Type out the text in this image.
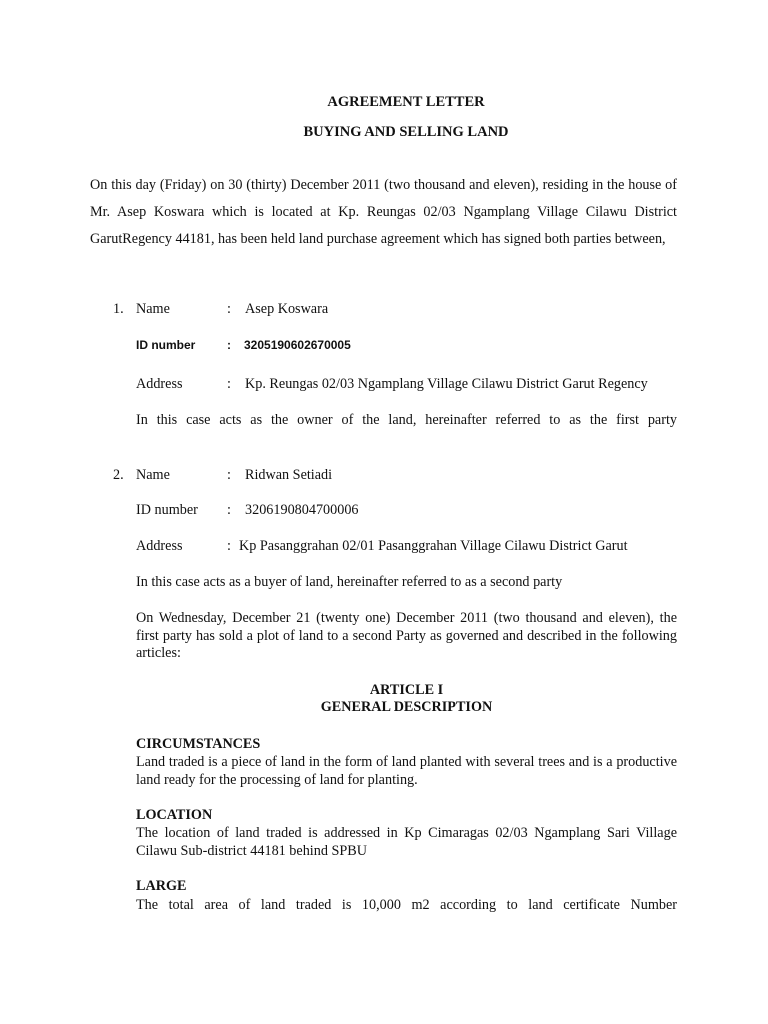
AGREEMENT LETTER
BUYING AND SELLING LAND
On this day (Friday) on 30 (thirty) December 2011 (two thousand and eleven), residing in the house of Mr. Asep Koswara which is located at Kp. Reungas 02/03 Ngamplang Village Cilawu District GarutRegency 44181, has been held land purchase agreement which has signed both parties between,
1. Name	: Asep Koswara
ID number	: 3205190602670005
Address	: Kp. Reungas 02/03 Ngamplang Village Cilawu District Garut Regency
In this case acts as the owner of the land, hereinafter referred to as the first party
2. Name	: Ridwan Setiadi
ID number : 3206190804700006
Address	: Kp Pasanggrahan 02/01 Pasanggrahan Village Cilawu District Garut
In this case acts as a buyer of land, hereinafter referred to as a second party
On Wednesday, December 21 (twenty one) December 2011 (two thousand and eleven), the first party has sold a plot of land to a second Party as governed and described in the following articles:
ARTICLE I
GENERAL DESCRIPTION
CIRCUMSTANCES
Land traded is a piece of land in the form of land planted with several trees and is a productive land ready for the processing of land for planting.
LOCATION
The location of land traded is addressed in Kp Cimaragas 02/03 Ngamplang Sari Village Cilawu Sub-district 44181 behind SPBU
LARGE
The total area of land traded is 10,000 m2 according to land certificate Number
